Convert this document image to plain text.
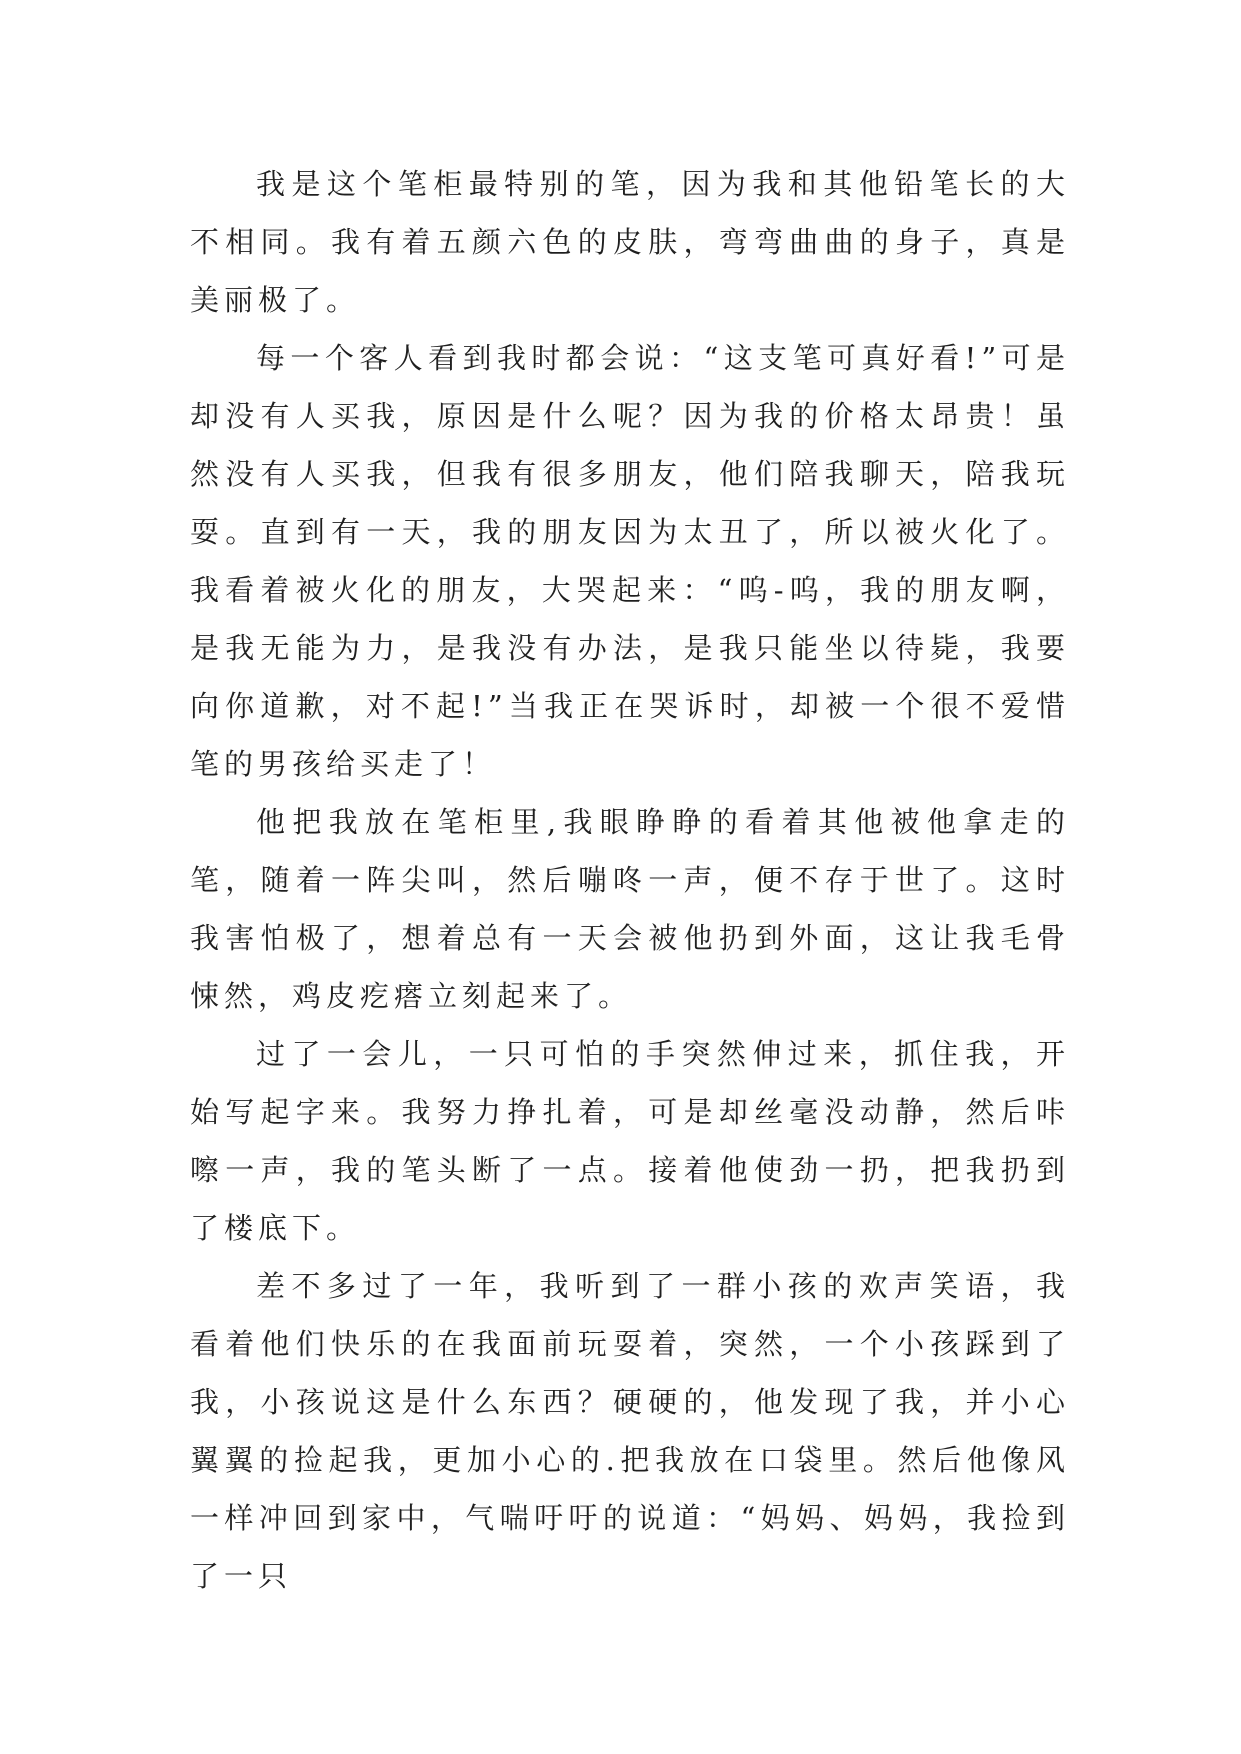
我是这个笔柜最特别的笔，因为我和其他铅笔长的大不相同。我有着五颜六色的皮肤，弯弯曲曲的身子，真是美丽极了。

每一个客人看到我时都会说：“这支笔可真好看!”可是却没有人买我，原因是什么呢？因为我的价格太昂贵！虽然没有人买我，但我有很多朋友，他们陪我聊天，陪我玩耍。直到有一天，我的朋友因为太丑了，所以被火化了。我看着被火化的朋友，大哭起来：“呜-呜，我的朋友啊，是我无能为力，是我没有办法，是我只能坐以待毙，我要向你道歉，对不起!”当我正在哭诉时，却被一个很不爱惜笔的男孩给买走了！

他把我放在笔柜里,我眼睁睁的看着其他被他拿走的笔，随着一阵尖叫，然后嘣咚一声，便不存于世了。这时我害怕极了，想着总有一天会被他扔到外面，这让我毛骨悚然，鸡皮疙瘩立刻起来了。

过了一会儿，一只可怕的手突然伸过来，抓住我，开始写起字来。我努力挣扎着，可是却丝毫没动静，然后咔嚓一声，我的笔头断了一点。接着他使劲一扔，把我扔到了楼底下。

差不多过了一年，我听到了一群小孩的欢声笑语，我看着他们快乐的在我面前玩耍着，突然，一个小孩踩到了我，小孩说这是什么东西？硬硬的，他发现了我，并小心翼翼的捡起我，更加小心的.把我放在口袋里。然后他像风一样冲回到家中，气喘吁吁的说道：“妈妈、妈妈，我捡到了一只
